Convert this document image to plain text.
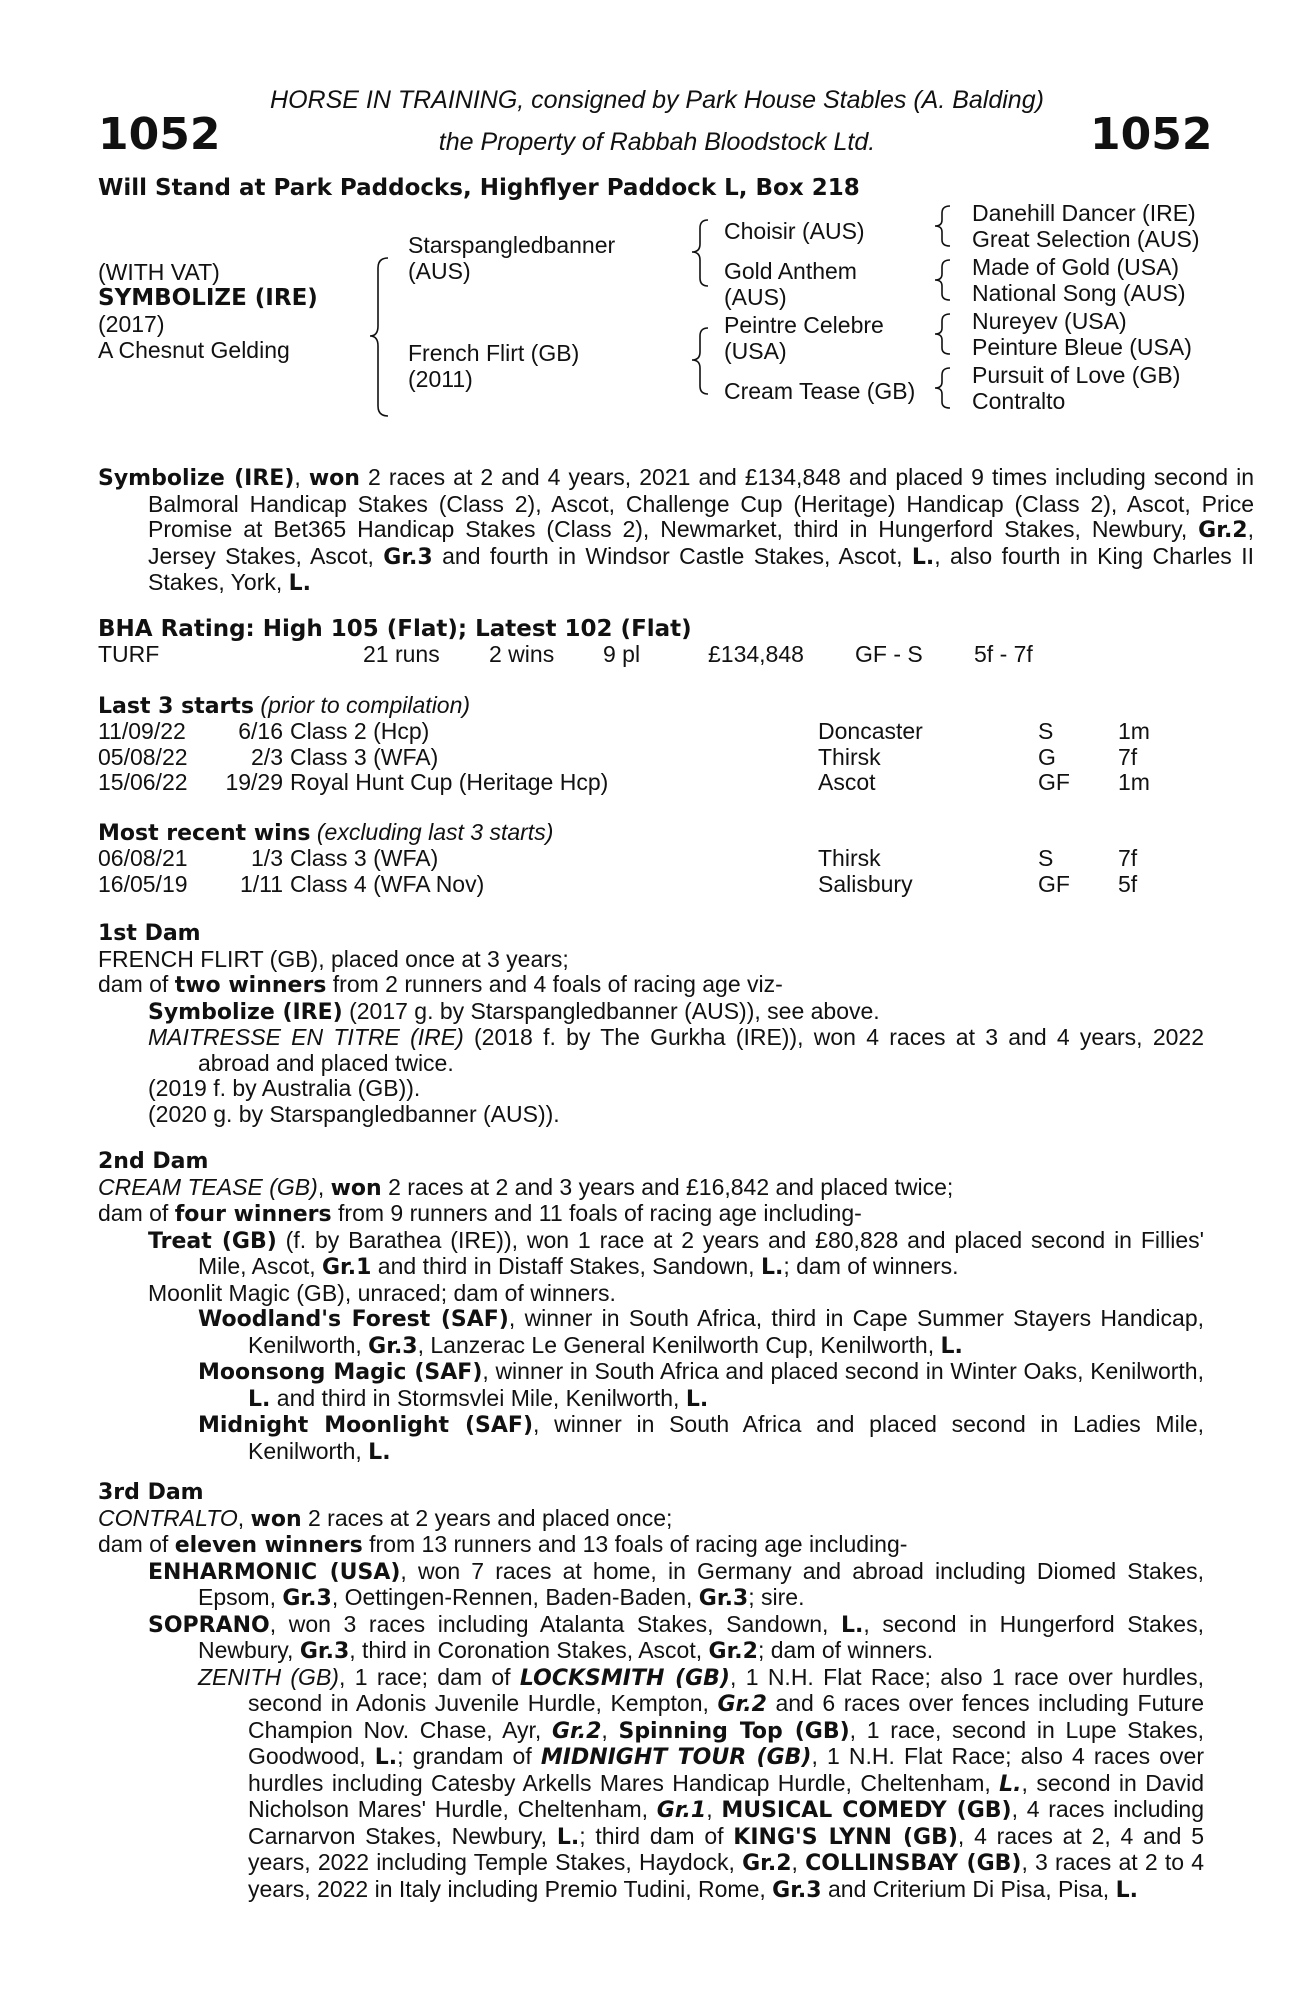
1052	1052
HORSE IN TRAINING, consigned by Park House Stables (A. Balding)
the Property of Rabbah Bloodstock Ltd.
Will Stand at Park Paddocks, Highflyer Paddock L, Box 218
(WITH VAT)
SYMBOLIZE (IRE)
(2017)
A Chesnut Gelding
Starspangledbanner
(AUS)
French Flirt (GB)
(2011)
Choisir (AUS)
Gold Anthem
(AUS)
Peintre Celebre
(USA)
Cream Tease (GB)
Danehill Dancer (IRE)
Great Selection (AUS)
Made of Gold (USA)
National Song (AUS)
Nureyev (USA)
Peinture Bleue (USA)
Pursuit of Love (GB)
Contralto
Symbolize (IRE), won 2 races at 2 and 4 years, 2021 and £134,848 and placed 9 times including second in Balmoral Handicap Stakes (Class 2), Ascot, Challenge Cup (Heritage) Handicap (Class 2), Ascot, Price Promise at Bet365 Handicap Stakes (Class 2), Newmarket, third in Hungerford Stakes, Newbury, Gr.2, Jersey Stakes, Ascot, Gr.3 and fourth in Windsor Castle Stakes, Ascot, L., also fourth in King Charles II Stakes, York, L.
BHA Rating: High 105 (Flat); Latest 102 (Flat)
TURF	21 runs 2 wins 9 pl	£134,848 GF - S 5f - 7f
Last 3 starts (prior to compilation)
11/09/22	6/16 Class 2 (Hcp)	Doncaster	S	1m
05/08/22	2/3 Class 3 (WFA)	Thirsk	G	7f
15/06/22	19/29 Royal Hunt Cup (Heritage Hcp)	Ascot	GF 1m
Most recent wins (excluding last 3 starts)
06/08/21	1/3 Class 3 (WFA)	Thirsk	S	7f
16/05/19	1/11 Class 4 (WFA Nov)	Salisbury	GF 5f
1st Dam
FRENCH FLIRT (GB), placed once at 3 years;
dam of two winners from 2 runners and 4 foals of racing age viz-
Symbolize (IRE) (2017 g. by Starspangledbanner (AUS)), see above.
MAITRESSE EN TITRE (IRE) (2018 f. by The Gurkha (IRE)), won 4 races at 3 and 4 years, 2022 abroad and placed twice.
(2019 f. by Australia (GB)).
(2020 g. by Starspangledbanner (AUS)).
2nd Dam
CREAM TEASE (GB), won 2 races at 2 and 3 years and £16,842 and placed twice;
dam of four winners from 9 runners and 11 foals of racing age including-
Treat (GB) (f. by Barathea (IRE)), won 1 race at 2 years and £80,828 and placed second in Fillies' Mile, Ascot, Gr.1 and third in Distaff Stakes, Sandown, L.; dam of winners.
Moonlit Magic (GB), unraced; dam of winners.
Woodland's Forest (SAF), winner in South Africa, third in Cape Summer Stayers Handicap, Kenilworth, Gr.3, Lanzerac Le General Kenilworth Cup, Kenilworth, L.
Moonsong Magic (SAF), winner in South Africa and placed second in Winter Oaks, Kenilworth, L. and third in Stormsvlei Mile, Kenilworth, L.
Midnight Moonlight (SAF), winner in South Africa and placed second in Ladies Mile, Kenilworth, L.
3rd Dam
CONTRALTO, won 2 races at 2 years and placed once;
dam of eleven winners from 13 runners and 13 foals of racing age including-
ENHARMONIC (USA), won 7 races at home, in Germany and abroad including Diomed Stakes, Epsom, Gr.3, Oettingen-Rennen, Baden-Baden, Gr.3; sire.
SOPRANO, won 3 races including Atalanta Stakes, Sandown, L., second in Hungerford Stakes, Newbury, Gr.3, third in Coronation Stakes, Ascot, Gr.2; dam of winners.
ZENITH (GB), 1 race; dam of LOCKSMITH (GB), 1 N.H. Flat Race; also 1 race over hurdles, second in Adonis Juvenile Hurdle, Kempton, Gr.2 and 6 races over fences including Future Champion Nov. Chase, Ayr, Gr.2, Spinning Top (GB), 1 race, second in Lupe Stakes, Goodwood, L.; grandam of MIDNIGHT TOUR (GB), 1 N.H. Flat Race; also 4 races over hurdles including Catesby Arkells Mares Handicap Hurdle, Cheltenham, L., second in David Nicholson Mares' Hurdle, Cheltenham, Gr.1, MUSICAL COMEDY (GB), 4 races including Carnarvon Stakes, Newbury, L.; third dam of KING'S LYNN (GB), 4 races at 2, 4 and 5 years, 2022 including Temple Stakes, Haydock, Gr.2, COLLINSBAY (GB), 3 races at 2 to 4 years, 2022 in Italy including Premio Tudini, Rome, Gr.3 and Criterium Di Pisa, Pisa, L.
